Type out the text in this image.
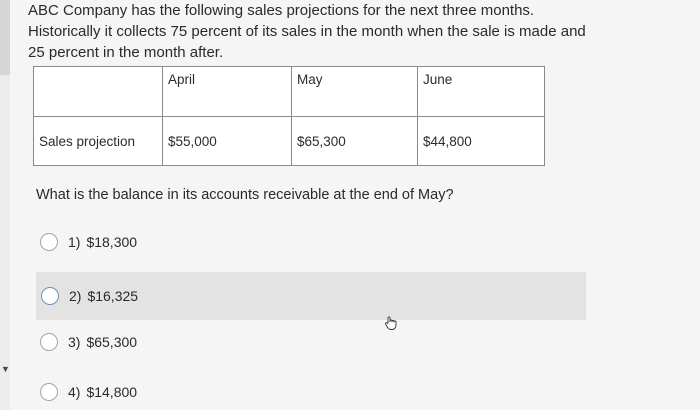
▼
ABC Company has the following sales projections for the next three months.
Historically it collects 75 percent of its sales in the month when the sale is made and
25 percent in the month after.

	April	May	June

Sales projection	$55,000	$65,300	$44,800
What is the balance in its accounts receivable at the end of May?
1) $18,300
2) $16,325
3) $65,300
4) $14,800
